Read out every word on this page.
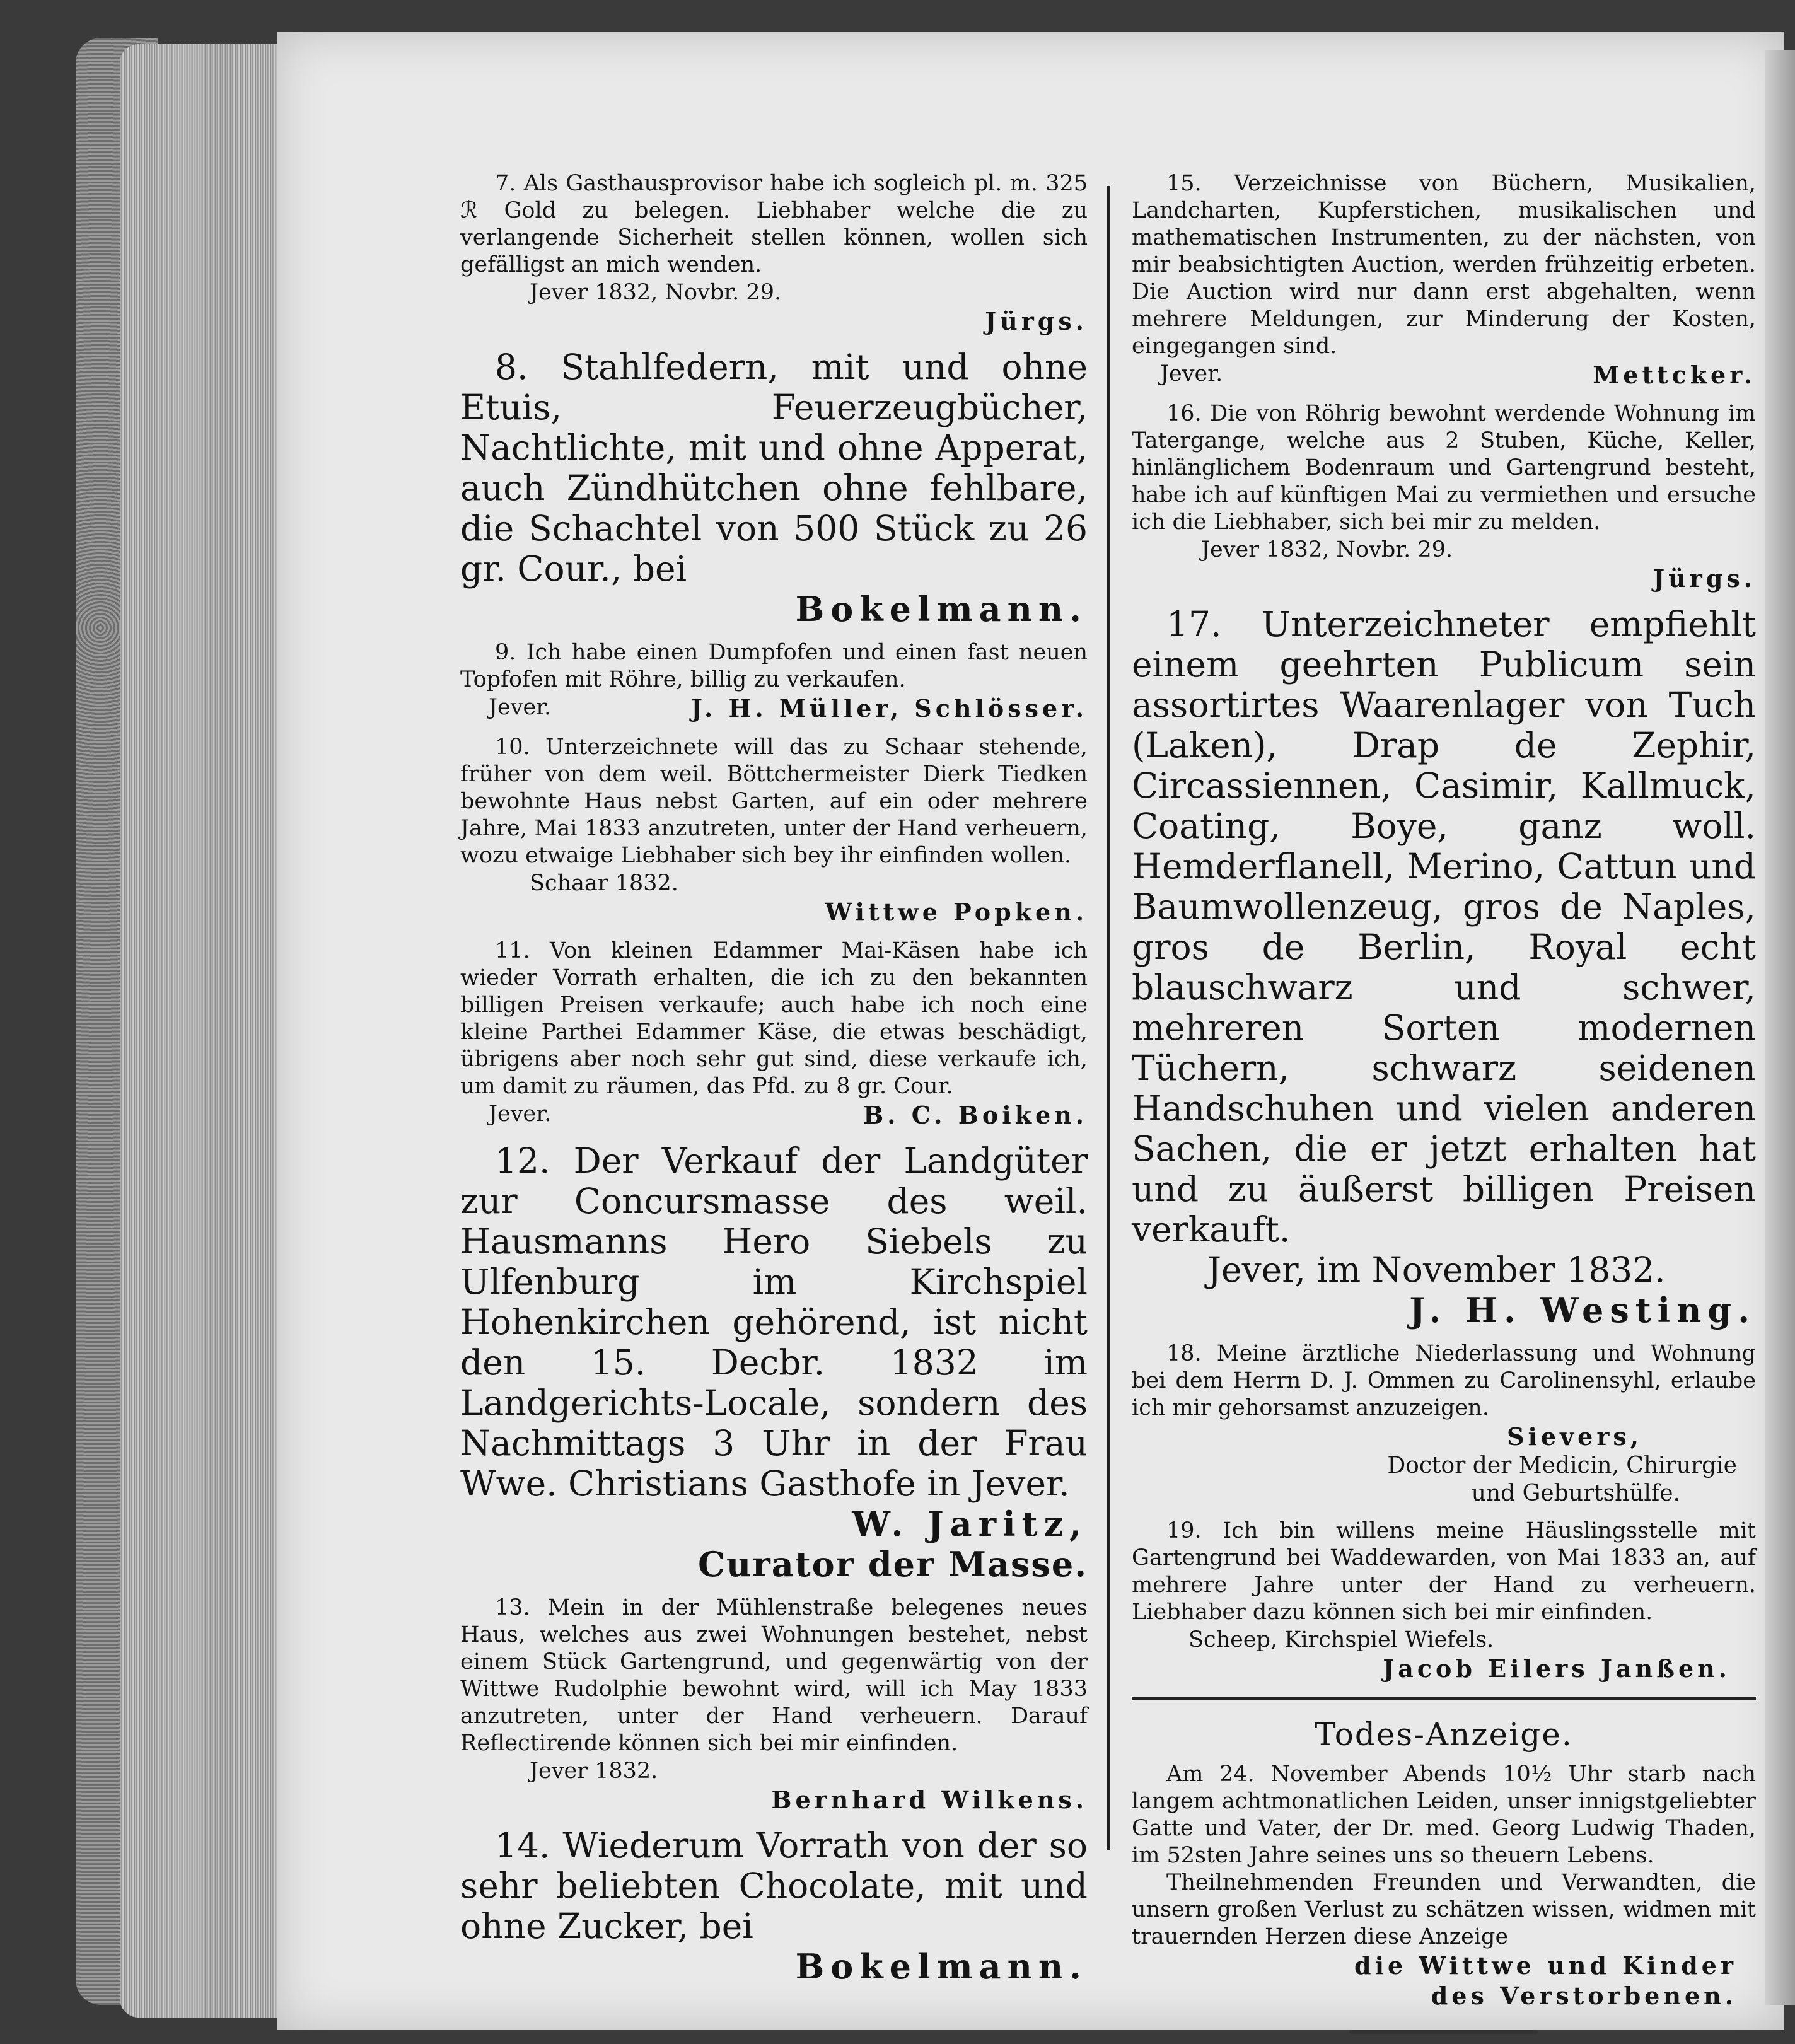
7. Als Gasthausprovisor habe ich sogleich pl. m. 325 ℛ Gold zu belegen. Liebhaber welche die zu verlangende Sicherheit stellen können, wollen sich gefälligst an mich wenden.

Jever 1832, Novbr. 29.

Jürgs.

8. Stahlfedern, mit und ohne Etuis, Feuerzeugbücher, Nachtlichte, mit und ohne Apperat, auch Zündhütchen ohne fehlbare, die Schachtel von 500 Stück zu 26 gr. Cour., bei

Bokelmann.

9. Ich habe einen Dumpfofen und einen fast neuen Topfofen mit Röhre, billig zu verkaufen.

Jever.	J. H. Müller, Schlösser.

10. Unterzeichnete will das zu Schaar stehende, früher von dem weil. Böttchermeister Dierk Tiedken bewohnte Haus nebst Garten, auf ein oder mehrere Jahre, Mai 1833 anzutreten, unter der Hand verheuern, wozu etwaige Liebhaber sich bey ihr einfinden wollen.

Schaar 1832.

Wittwe Popken.

11. Von kleinen Edammer Mai-Käsen habe ich wieder Vorrath erhalten, die ich zu den bekannten billigen Preisen verkaufe; auch habe ich noch eine kleine Parthei Edammer Käse, die etwas beschädigt, übrigens aber noch sehr gut sind, diese verkaufe ich, um damit zu räumen, das Pfd. zu 8 gr. Cour.

Jever.	B. C. Boiken.

12. Der Verkauf der Landgüter zur Concursmasse des weil. Hausmanns Hero Siebels zu Ulfenburg im Kirchspiel Hohenkirchen gehörend, ist nicht den 15. Decbr. 1832 im Landgerichts-Locale, sondern des Nachmittags 3 Uhr in der Frau Wwe. Christians Gasthofe in Jever.

W. Jaritz,

Curator der Masse.

13. Mein in der Mühlenstraße belegenes neues Haus, welches aus zwei Wohnungen bestehet, nebst einem Stück Gartengrund, und gegenwärtig von der Wittwe Rudolphie bewohnt wird, will ich May 1833 anzutreten, unter der Hand verheuern. Darauf Reflectirende können sich bei mir einfinden.

Jever 1832.

Bernhard Wilkens.

14. Wiederum Vorrath von der so sehr beliebten Chocolate, mit und ohne Zucker, bei

Bokelmann.

15. Verzeichnisse von Büchern, Musikalien, Landcharten, Kupferstichen, musikalischen und mathematischen Instrumenten, zu der nächsten, von mir beabsichtigten Auction, werden frühzeitig erbeten. Die Auction wird nur dann erst abgehalten, wenn mehrere Meldungen, zur Minderung der Kosten, eingegangen sind.

Jever.	Mettcker.

16. Die von Röhrig bewohnt werdende Wohnung im Tatergange, welche aus 2 Stuben, Küche, Keller, hinlänglichem Bodenraum und Gartengrund besteht, habe ich auf künftigen Mai zu vermiethen und ersuche ich die Liebhaber, sich bei mir zu melden.

Jever 1832, Novbr. 29.

Jürgs.

17. Unterzeichneter empfiehlt einem geehrten Publicum sein assortirtes Waarenlager von Tuch (Laken), Drap de Zephir, Circassiennen, Casimir, Kallmuck, Coating, Boye, ganz woll. Hemderflanell, Merino, Cattun und Baumwollenzeug, gros de Naples, gros de Berlin, Royal echt blauschwarz und schwer, mehreren Sorten modernen Tüchern, schwarz seidenen Handschuhen und vielen anderen Sachen, die er jetzt erhalten hat und zu äußerst billigen Preisen verkauft.

Jever, im November 1832.

J. H. Westing.

18. Meine ärztliche Niederlassung und Wohnung bei dem Herrn D. J. Ommen zu Carolinensyhl, erlaube ich mir gehorsamst anzuzeigen.

Sievers,

Doctor der Medicin, Chirurgie

und Geburtshülfe.

19. Ich bin willens meine Häuslingsstelle mit Gartengrund bei Waddewarden, von Mai 1833 an, auf mehrere Jahre unter der Hand zu verheuern. Liebhaber dazu können sich bei mir einfinden.

Scheep, Kirchspiel Wiefels.

Jacob Eilers Janßen.

Todes-Anzeige.

Am 24. November Abends 10½ Uhr starb nach langem achtmonatlichen Leiden, unser innigstgeliebter Gatte und Vater, der Dr. med. Georg Ludwig Thaden, im 52sten Jahre seines uns so theuern Lebens.

Theilnehmenden Freunden und Verwandten, die unsern großen Verlust zu schätzen wissen, widmen mit trauernden Herzen diese Anzeige

die Wittwe und Kinder

des Verstorbenen.
